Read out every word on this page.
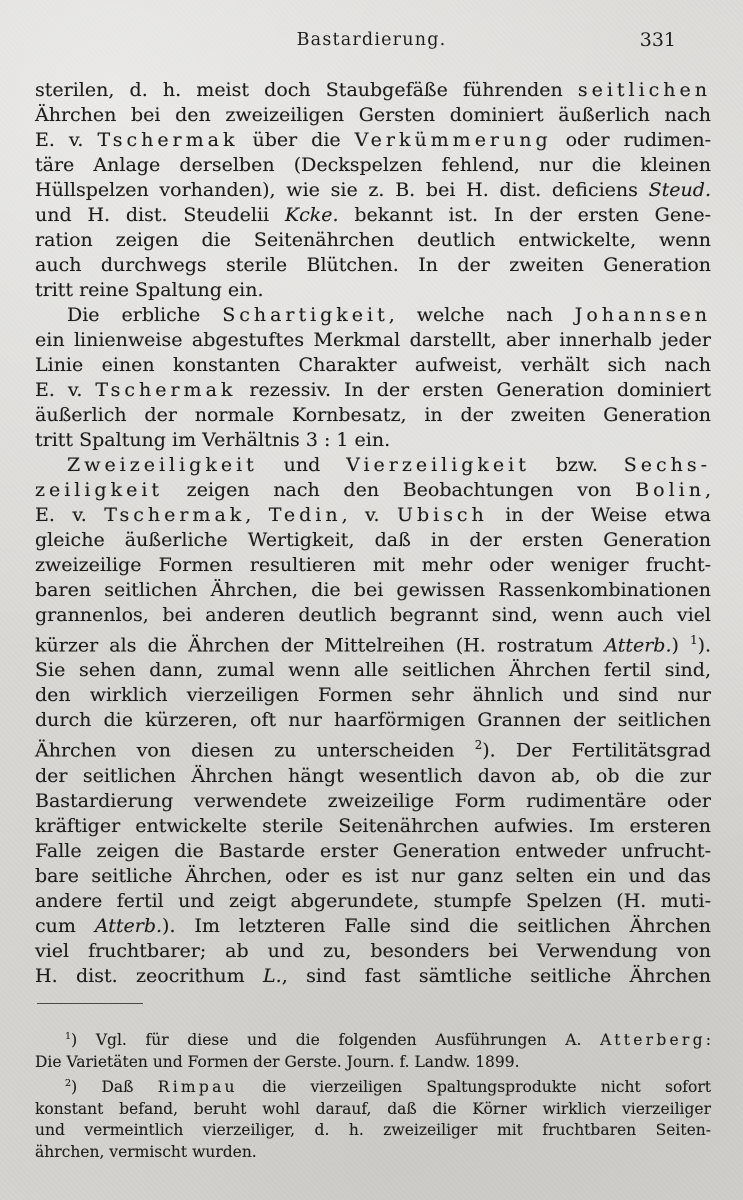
Bastardierung.	331
sterilen, d. h. meist doch Staubgefäße führenden seitlichen
Ährchen bei den zweizeiligen Gersten dominiert äußerlich nach
E. v. Tschermak über die Verkümmerung oder rudimen-
täre Anlage derselben (Deckspelzen fehlend, nur die kleinen
Hüllspelzen vorhanden), wie sie z. B. bei H. dist. deficiens Steud.
und H. dist. Steudelii Kcke. bekannt ist. In der ersten Gene-
ration zeigen die Seitenährchen deutlich entwickelte, wenn
auch durchwegs sterile Blütchen. In der zweiten Generation
tritt reine Spaltung ein.
Die erbliche Schartigkeit, welche nach Johannsen
ein linienweise abgestuftes Merkmal darstellt, aber innerhalb jeder
Linie einen konstanten Charakter aufweist, verhält sich nach
E. v. Tschermak rezessiv. In der ersten Generation dominiert
äußerlich der normale Kornbesatz, in der zweiten Generation
tritt Spaltung im Verhältnis 3 : 1 ein.
Zweizeiligkeit und Vierzeiligkeit bzw. Sechs-
zeiligkeit zeigen nach den Beobachtungen von Bolin,
E. v. Tschermak, Tedin, v. Ubisch in der Weise etwa
gleiche äußerliche Wertigkeit, daß in der ersten Generation
zweizeilige Formen resultieren mit mehr oder weniger frucht-
baren seitlichen Ährchen, die bei gewissen Rassenkombinationen
grannenlos, bei anderen deutlich begrannt sind, wenn auch viel
kürzer als die Ährchen der Mittelreihen (H. rostratum Atterb.) $^1$).
Sie sehen dann, zumal wenn alle seitlichen Ährchen fertil sind,
den wirklich vierzeiligen Formen sehr ähnlich und sind nur
durch die kürzeren, oft nur haarförmigen Grannen der seitlichen
Ährchen von diesen zu unterscheiden $^2$). Der Fertilitätsgrad
der seitlichen Ährchen hängt wesentlich davon ab, ob die zur
Bastardierung verwendete zweizeilige Form rudimentäre oder
kräftiger entwickelte sterile Seitenährchen aufwies. Im ersteren
Falle zeigen die Bastarde erster Generation entweder unfrucht-
bare seitliche Ährchen, oder es ist nur ganz selten ein und das
andere fertil und zeigt abgerundete, stumpfe Spelzen (H. muti-
cum Atterb.). Im letzteren Falle sind die seitlichen Ährchen
viel fruchtbarer; ab und zu, besonders bei Verwendung von
H. dist. zeocrithum L., sind fast sämtliche seitliche Ährchen
$^1$) Vgl. für diese und die folgenden Ausführungen A. Atterberg:
Die Varietäten und Formen der Gerste. Journ. f. Landw. 1899.
$^2$) Daß Rimpau die vierzeiligen Spaltungsprodukte nicht sofort
konstant befand, beruht wohl darauf, daß die Körner wirklich vierzeiliger
und vermeintlich vierzeiliger, d. h. zweizeiliger mit fruchtbaren Seiten-
ährchen, vermischt wurden.
